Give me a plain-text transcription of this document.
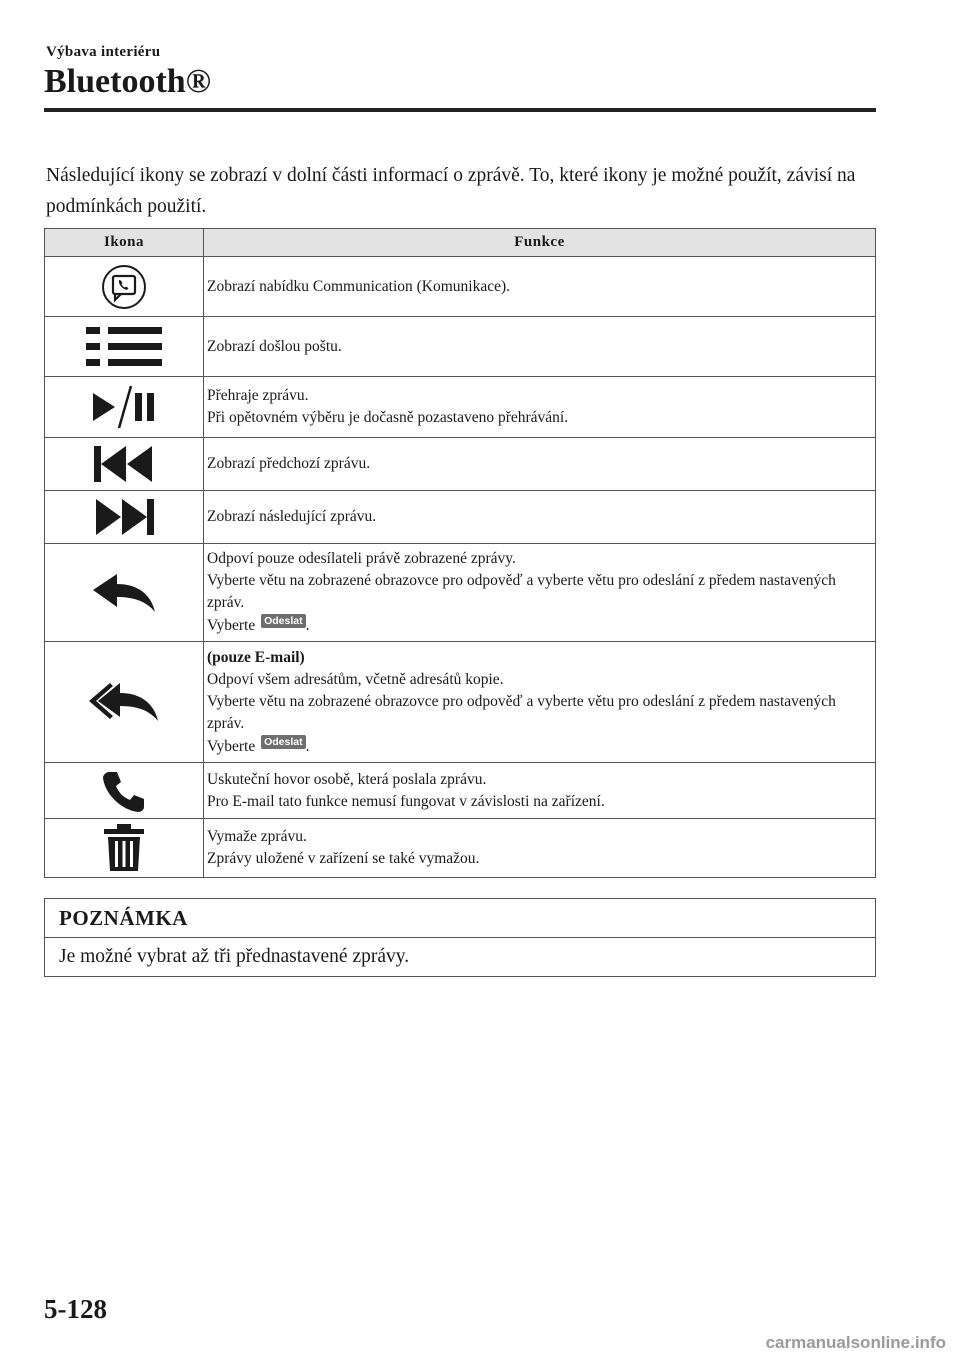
Výbava interiéru
Bluetooth®

Následující ikony se zobrazí v dolní části informací o zprávě. To, které ikony je možné použít, závisí na podmínkách použití.

Ikona	Funkce

Zobrazí nabídku Communication (Komunikace).

Zobrazí došlou poštu.

Přehraje zprávu.
Při opětovném výběru je dočasně pozastaveno přehrávání.

Zobrazí předchozí zprávu.

Zobrazí následující zprávu.

Odpoví pouze odesílateli právě zobrazené zprávy.
Vyberte větu na zobrazené obrazovce pro odpověď a vyberte větu pro odeslání z předem nastavených zpráv.
Vyberte Odeslat .

(pouze E-mail)
Odpoví všem adresátům, včetně adresátů kopie.
Vyberte větu na zobrazené obrazovce pro odpověď a vyberte větu pro odeslání z předem nastavených zpráv.
Vyberte Odeslat .

Uskuteční hovor osobě, která poslala zprávu.
Pro E-mail tato funkce nemusí fungovat v závislosti na zařízení.

Vymaže zprávu.
Zprávy uložené v zařízení se také vymažou.
POZNÁMKA
Je možné vybrat až tři přednastavené zprávy.
5-128
carmanualsonline.info
